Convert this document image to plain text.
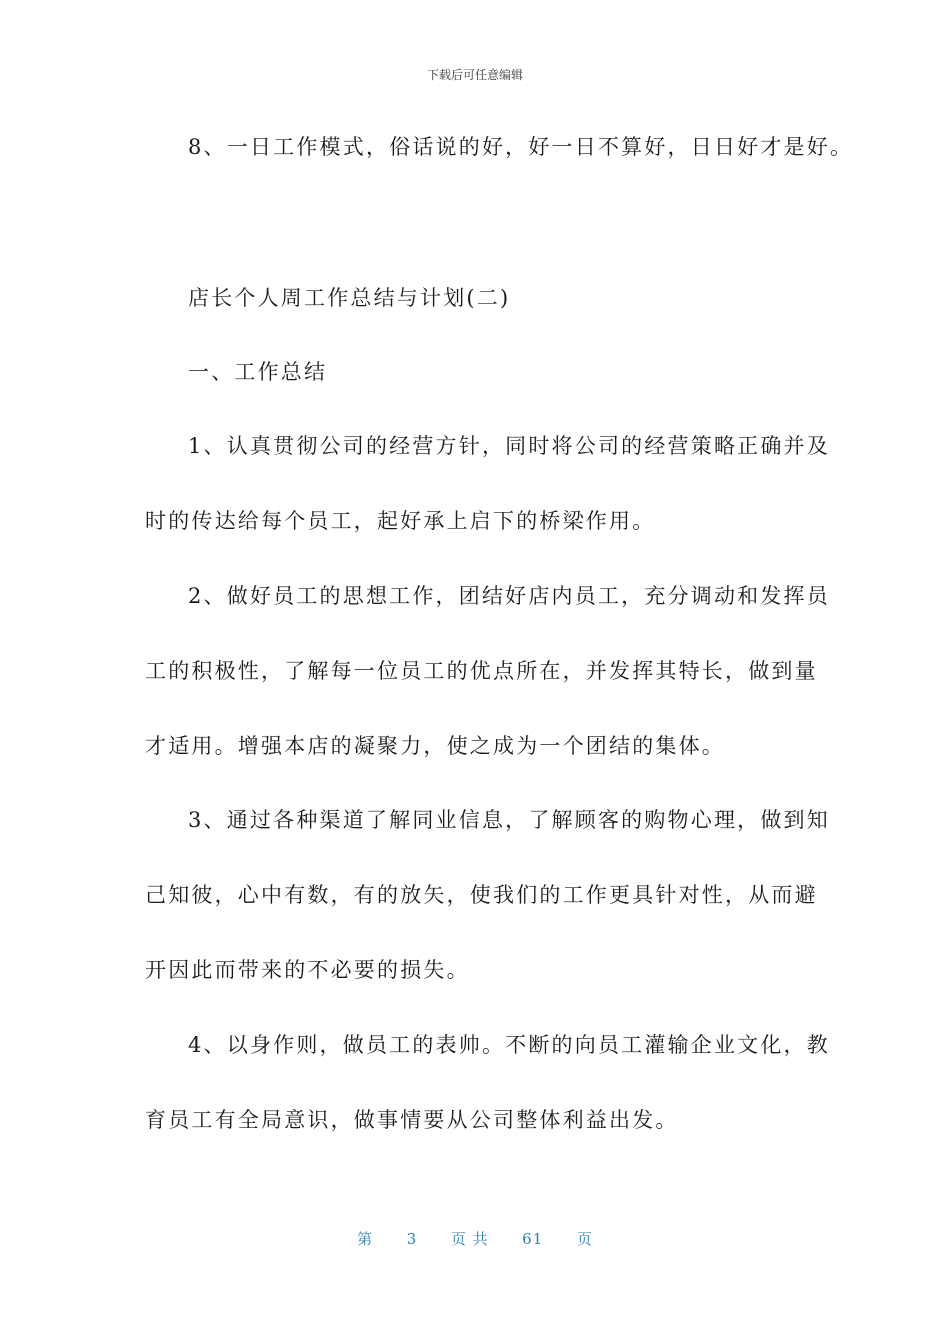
下载后可任意编辑
8、一日工作模式，俗话说的好，好一日不算好，日日好才是好。
店长个人周工作总结与计划(二)
一、工作总结
1、认真贯彻公司的经营方针，同时将公司的经营策略正确并及
时的传达给每个员工，起好承上启下的桥梁作用。
2、做好员工的思想工作，团结好店内员工，充分调动和发挥员
工的积极性，了解每一位员工的优点所在，并发挥其特长，做到量
才适用。增强本店的凝聚力，使之成为一个团结的集体。
3、通过各种渠道了解同业信息，了解顾客的购物心理，做到知
己知彼，心中有数，有的放矢，使我们的工作更具针对性，从而避
开因此而带来的不必要的损失。
4、以身作则，做员工的表帅。不断的向员工灌输企业文化，教
育员工有全局意识，做事情要从公司整体利益出发。
第 3 页 共 61 页
